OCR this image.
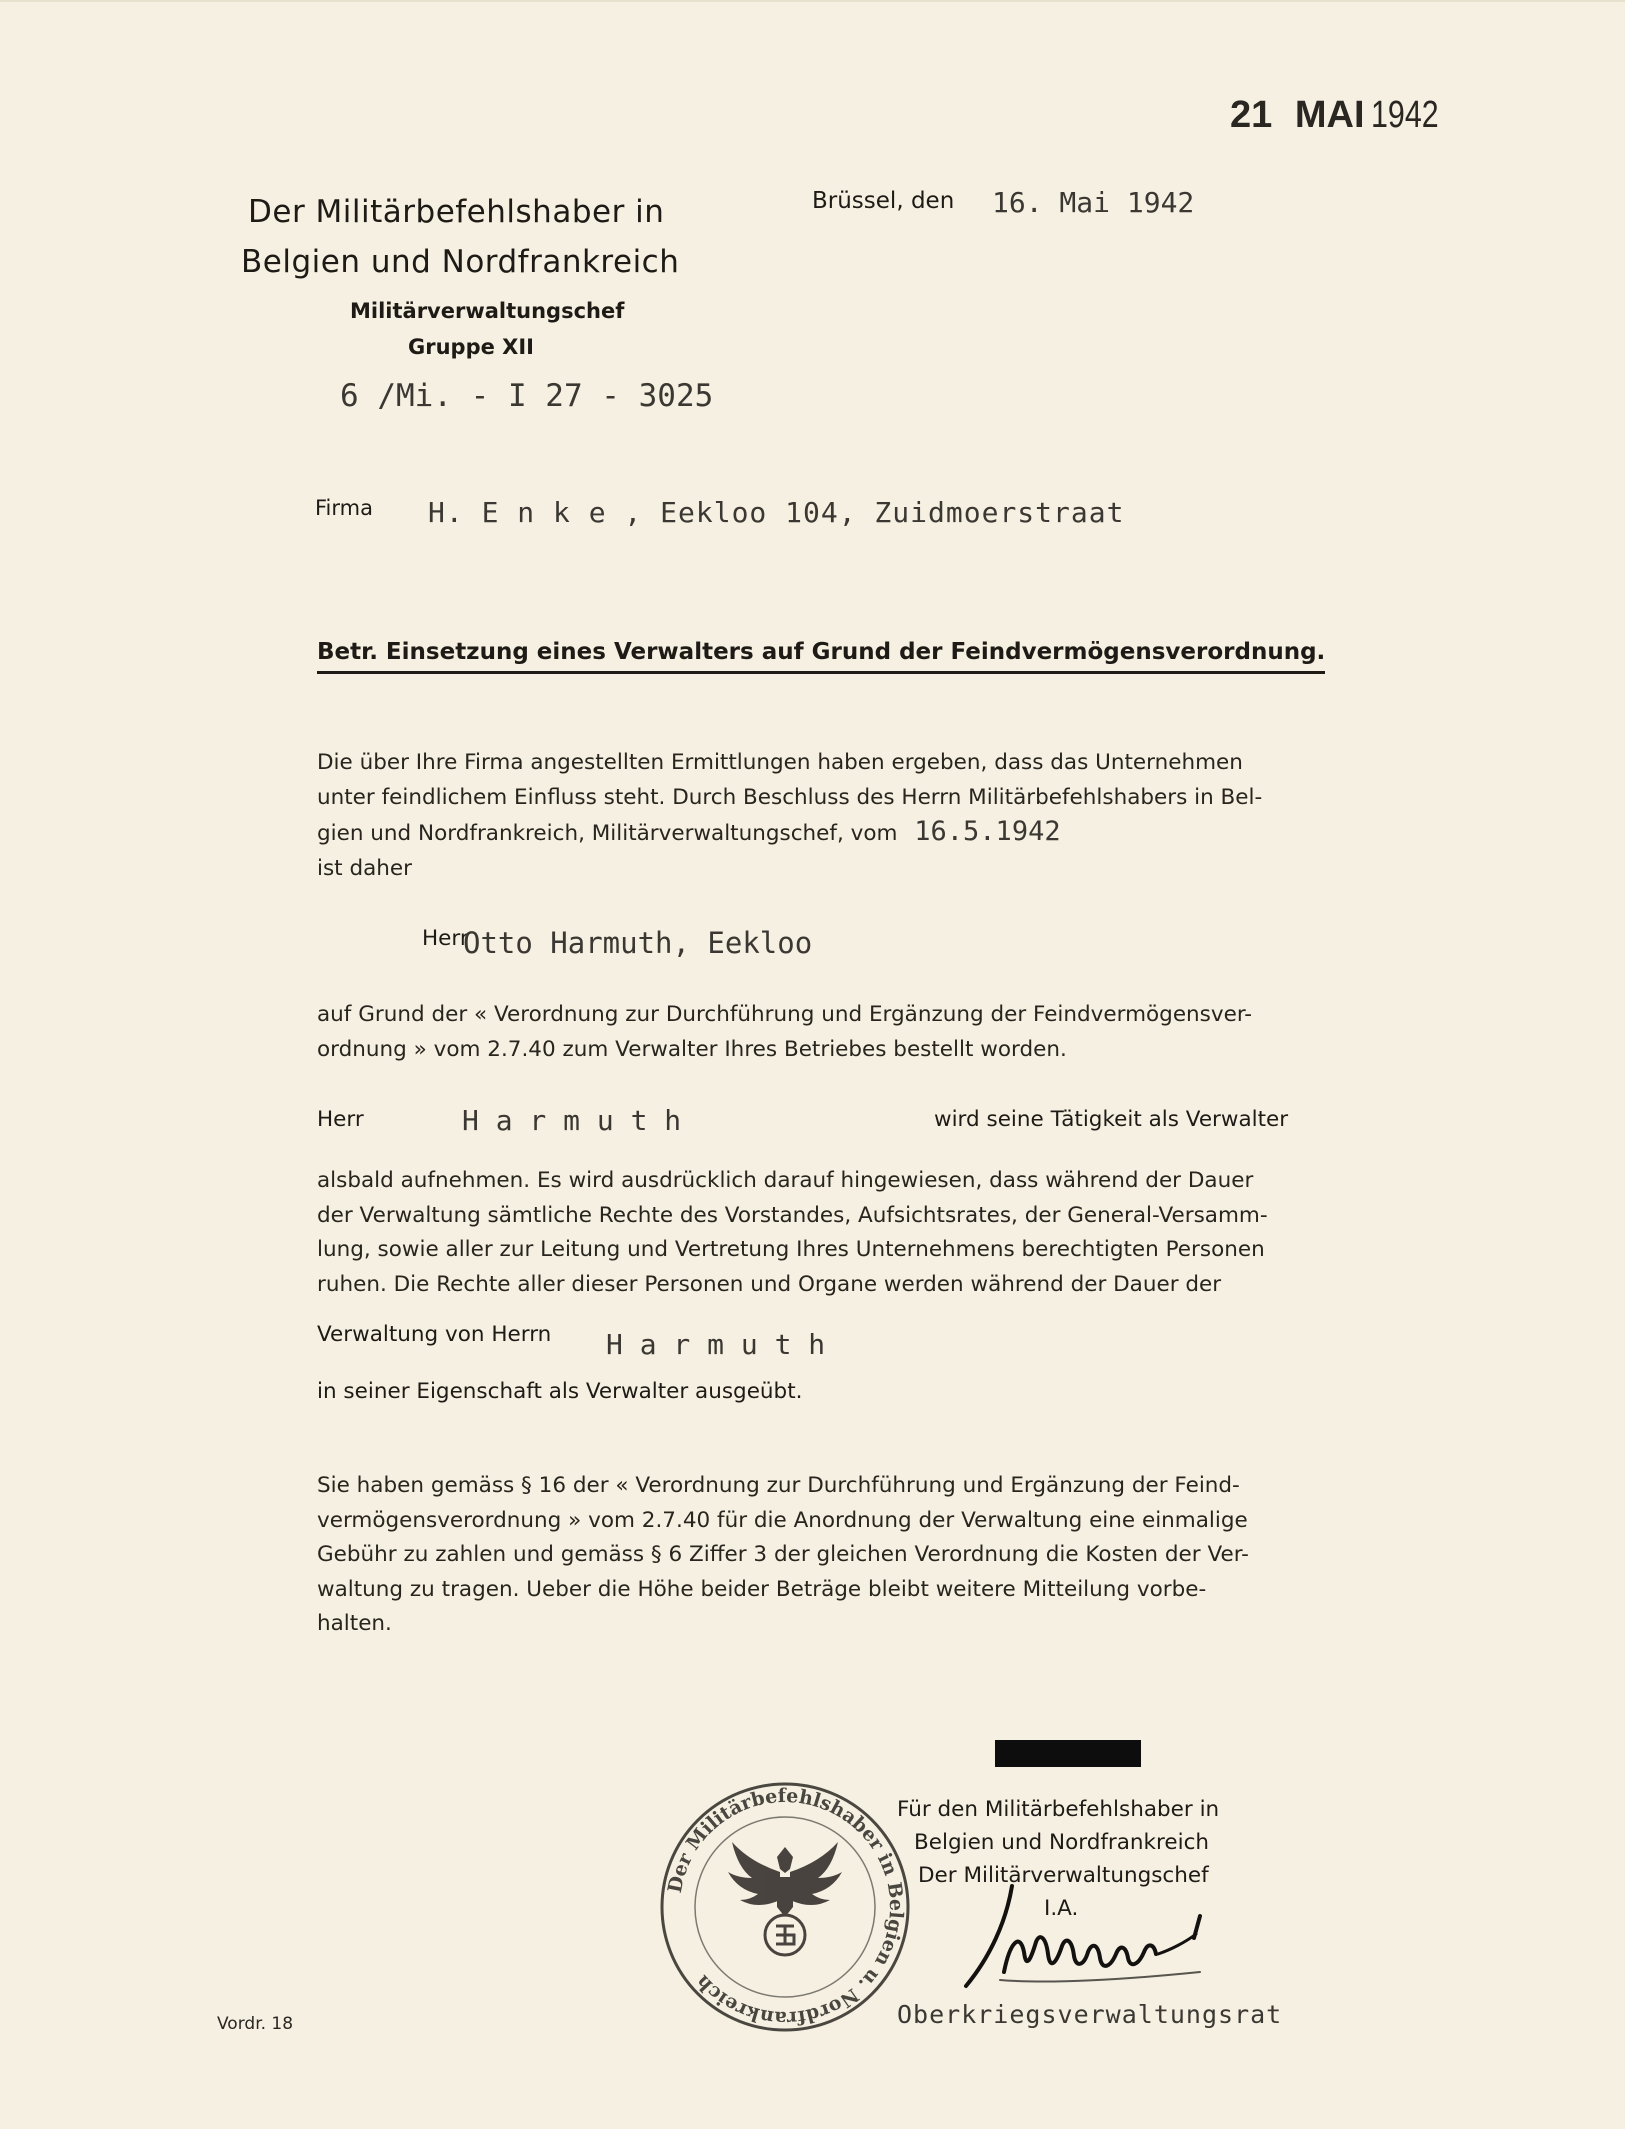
21 MAI 1942
Der Militärbefehlshaber in
Belgien und Nordfrankreich
Militärverwaltungschef
Gruppe XII
6 /Mi. - I 27 - 3025
Brüssel, den 16. Mai 1942
Firma H. E n k e , Eekloo 104, Zuidmoerstraat
Betr. Einsetzung eines Verwalters auf Grund der Feindvermögensverordnung.
Die über Ihre Firma angestellten Ermittlungen haben ergeben, dass das Unternehmen
unter feindlichem Einfluss steht. Durch Beschluss des Herrn Militärbefehlshabers in Bel-
gien und Nordfrankreich, Militärverwaltungschef, vom 16.5.1942
ist daher
Herr
Otto Harmuth, Eekloo
auf Grund der « Verordnung zur Durchführung und Ergänzung der Feindvermögensver-
ordnung » vom 2.7.40 zum Verwalter Ihres Betriebes bestellt worden.
Herr	H a r m u t h	wird seine Tätigkeit als Verwalter
alsbald aufnehmen. Es wird ausdrücklich darauf hingewiesen, dass während der Dauer
der Verwaltung sämtliche Rechte des Vorstandes, Aufsichtsrates, der General-Versamm-
lung, sowie aller zur Leitung und Vertretung Ihres Unternehmens berechtigten Personen
ruhen. Die Rechte aller dieser Personen und Organe werden während der Dauer der
Verwaltung von Herrn H a r m u t h
in seiner Eigenschaft als Verwalter ausgeübt.
Sie haben gemäss § 16 der « Verordnung zur Durchführung und Ergänzung der Feind-
vermögensverordnung » vom 2.7.40 für die Anordnung der Verwaltung eine einmalige
Gebühr zu zahlen und gemäss § 6 Ziffer 3 der gleichen Verordnung die Kosten der Ver-
waltung zu tragen. Ueber die Höhe beider Beträge bleibt weitere Mitteilung vorbe-
halten.
Der Militärbefehlshaber in Belgien u. Nordfrankreich
Für den Militärbefehlshaber in
Belgien und Nordfrankreich
Der Militärverwaltungschef
I.A.
Oberkriegsverwaltungsrat
Vordr. 18
